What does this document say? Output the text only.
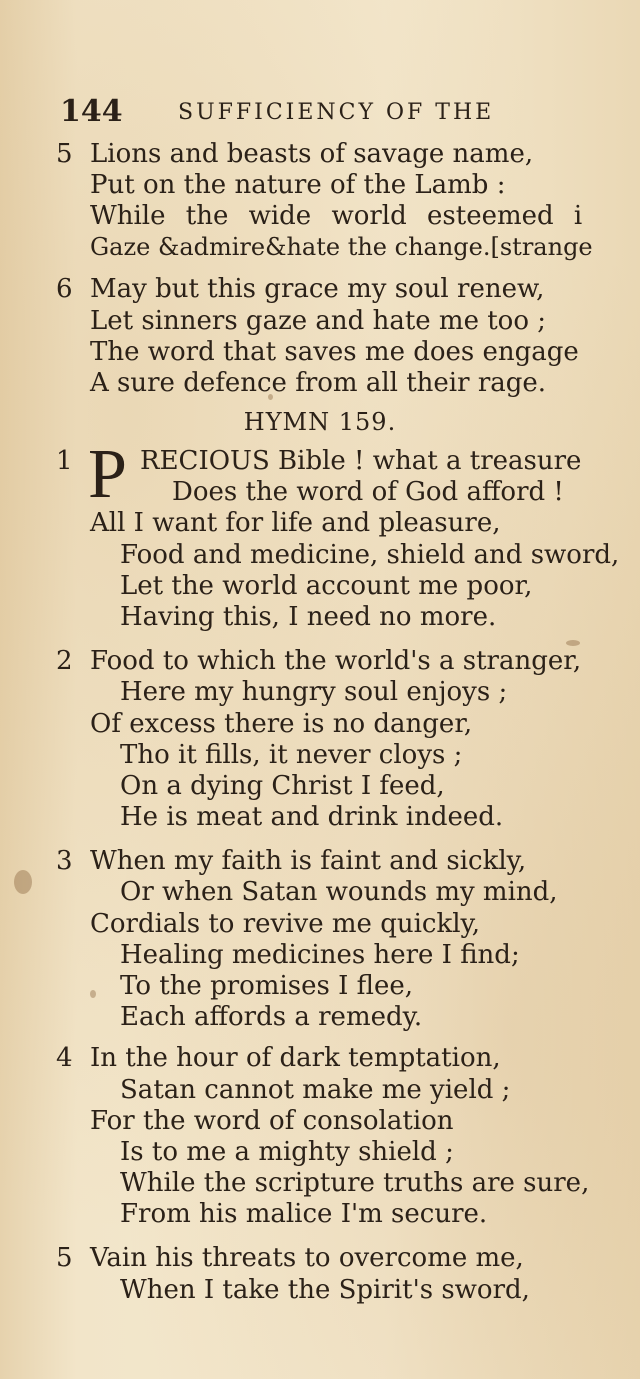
144	SUFFICIENCY OF THE
5 Lions and beasts of savage name,
Put on the nature of the Lamb :
While the wide world esteemed i
Gaze &admire&hate the change.[strange
6 May but this grace my soul renew,
Let sinners gaze and hate me too ;
The word that saves me does engage
A sure defence from all their rage.
HYMN 159.
1 P RECIOUS Bible ! what a treasure
Does the word of God afford !
All I want for life and pleasure,
Food and medicine, shield and sword,
Let the world account me poor,
Having this, I need no more.
2 Food to which the world's a stranger,
Here my hungry soul enjoys ;
Of excess there is no danger,
Tho it fills, it never cloys ;
On a dying Christ I feed,
He is meat and drink indeed.
3 When my faith is faint and sickly,
Or when Satan wounds my mind,
Cordials to revive me quickly,
Healing medicines here I find;
To the promises I flee,
Each affords a remedy.
4 In the hour of dark temptation,
Satan cannot make me yield ;
For the word of consolation
Is to me a mighty shield ;
While the scripture truths are sure,
From his malice I'm secure.
5 Vain his threats to overcome me,
When I take the Spirit's sword,
